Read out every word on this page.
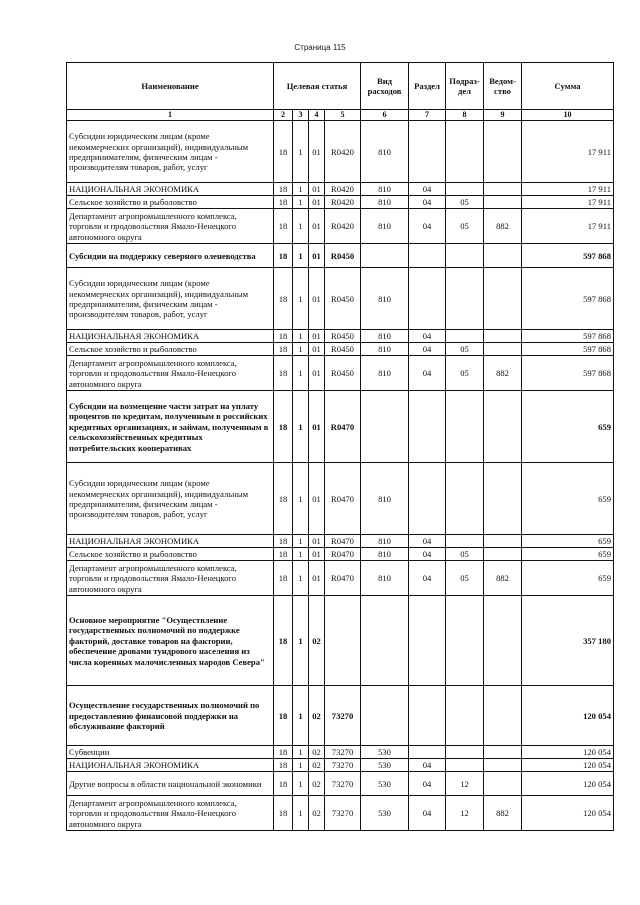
Страница 115
Наименование	Целевая статья				Вид расходов	Раздел	Подраз-дел	Ведом-ство	Сумма
1	2	3	4	5	6	7	8	9	10
Субсидии юридическим лицам (кроме некоммерческих организаций), индивидуальным предпринимателям, физическим лицам - производителям товаров, работ, услуг	18	1	01	R0420	810				17 911
НАЦИОНАЛЬНАЯ ЭКОНОМИКА	18	1	01	R0420	810	04			17 911
Сельское хозяйство и рыболовство	18	1	01	R0420	810	04	05		17 911
Департамент агропромышленного комплекса, торговли и продовольствия Ямало-Ненецкого автономного округа	18	1	01	R0420	810	04	05	882	17 911
Субсидии на поддержку северного оленеводства	18	1	01	R0450					597 868
Субсидии юридическим лицам (кроме некоммерческих организаций), индивидуальным предпринимателям, физическим лицам - производителям товаров, работ, услуг	18	1	01	R0450	810				597 868
НАЦИОНАЛЬНАЯ ЭКОНОМИКА	18	1	01	R0450	810	04			597 868
Сельское хозяйство и рыболовство	18	1	01	R0450	810	04	05		597 868
Департамент агропромышленного комплекса, торговли и продовольствия Ямало-Ненецкого автономного округа	18	1	01	R0450	810	04	05	882	597 868
Субсидии на возмещение части затрат на уплату процентов по кредитам, полученным в российских кредитных организациях, и займам, полученным в сельскохозяйственных кредитных потребительских кооперативах	18	1	01	R0470					659
Субсидии юридическим лицам (кроме некоммерческих организаций), индивидуальным предпринимателям, физическим лицам - производителям товаров, работ, услуг	18	1	01	R0470	810				659
НАЦИОНАЛЬНАЯ ЭКОНОМИКА	18	1	01	R0470	810	04			659
Сельское хозяйство и рыболовство	18	1	01	R0470	810	04	05		659
Департамент агропромышленного комплекса, торговли и продовольствия Ямало-Ненецкого автономного округа	18	1	01	R0470	810	04	05	882	659
Основное мероприятие "Осуществление государственных полномочий по поддержке факторий, доставке товаров на фактории, обеспечение дровами тундрового населения из числа коренных малочисленных народов Севера"	18	1	02						357 180
Осуществление государственных полномочий по предоставлению финансовой поддержки на обслуживание факторий	18	1	02	73270					120 054
Субвенции	18	1	02	73270	530				120 054
НАЦИОНАЛЬНАЯ ЭКОНОМИКА	18	1	02	73270	530	04			120 054
Другие вопросы в области национальной экономики	18	1	02	73270	530	04	12		120 054
Департамент агропромышленного комплекса, торговли и продовольствия Ямало-Ненецкого автономного округа	18	1	02	73270	530	04	12	882	120 054
